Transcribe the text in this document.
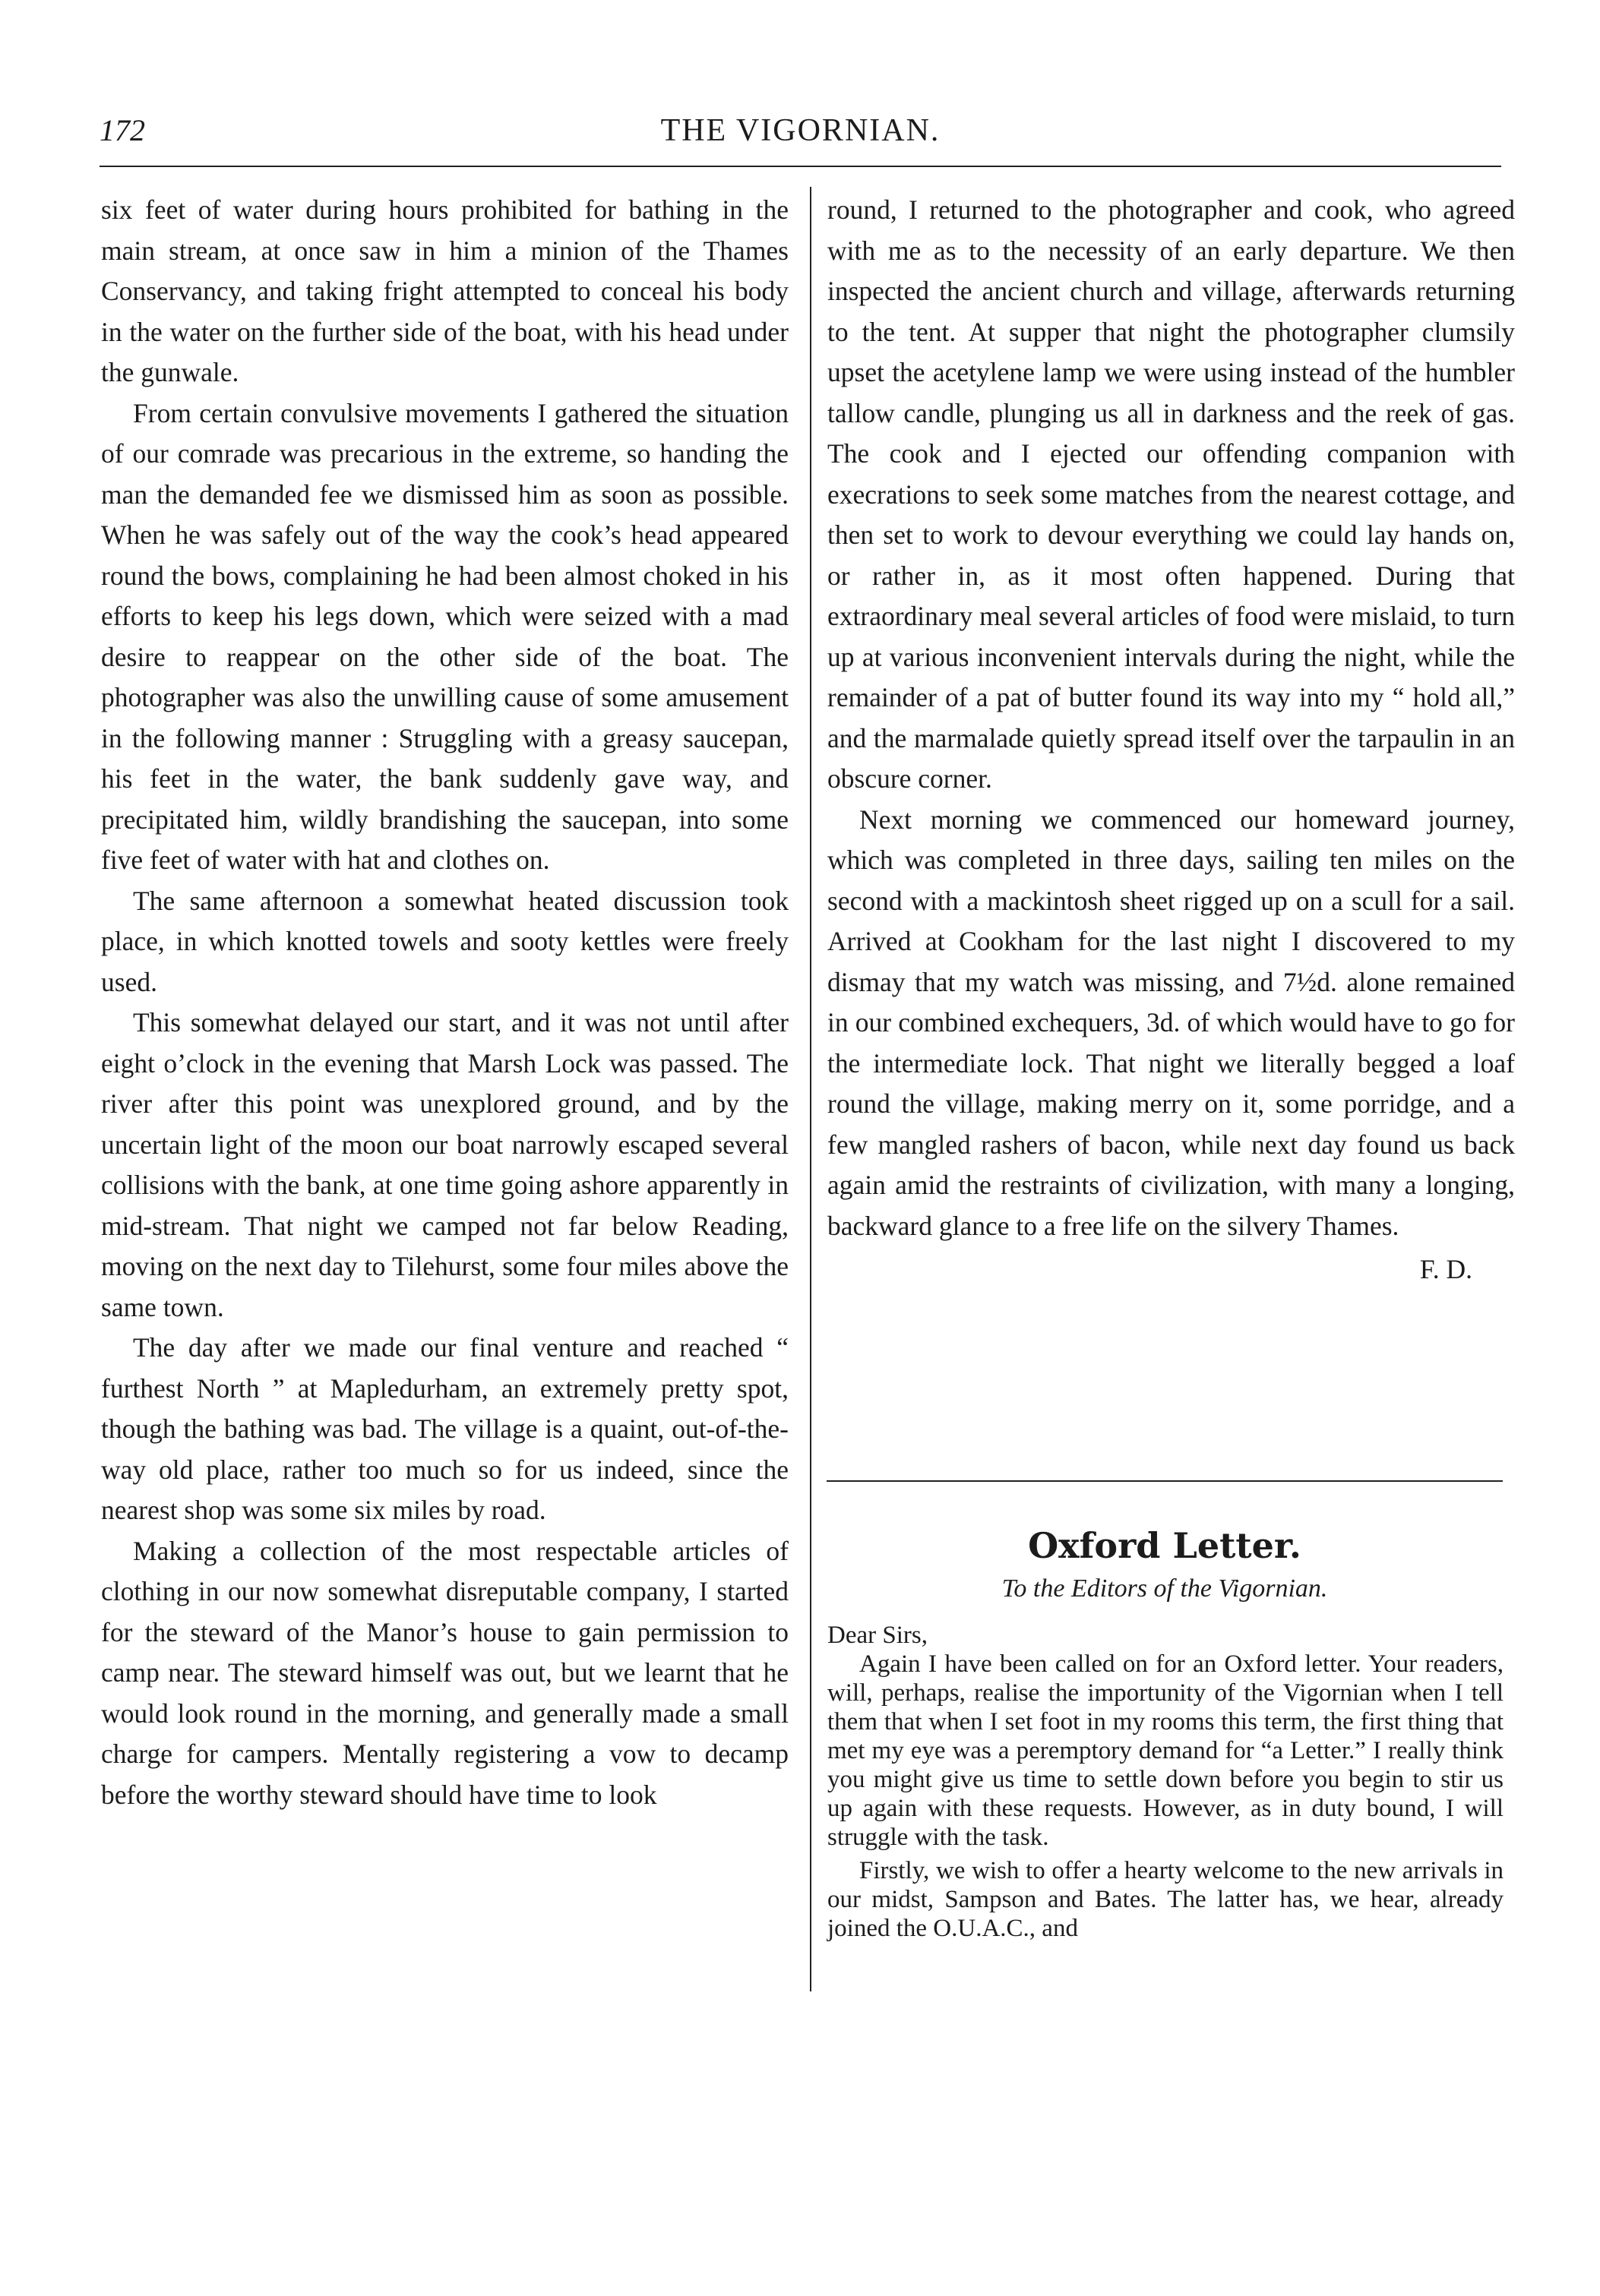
172	THE VIGORNIAN.

six feet of water during hours prohibited for bathing in the main stream, at once saw in him a minion of the Thames Conservancy, and taking fright attempted to conceal his body in the water on the further side of the boat, with his head under the gunwale.

From certain convulsive movements I gathered the situation of our comrade was precarious in the extreme, so handing the man the demanded fee we dismissed him as soon as possible. When he was safely out of the way the cook’s head appeared round the bows, complaining he had been almost choked in his efforts to keep his legs down, which were seized with a mad desire to reappear on the other side of the boat. The photographer was also the unwilling cause of some amusement in the following manner : Struggling with a greasy saucepan, his feet in the water, the bank suddenly gave way, and precipitated him, wildly brandishing the saucepan, into some five feet of water with hat and clothes on.

The same afternoon a somewhat heated discussion took place, in which knotted towels and sooty kettles were freely used.

This somewhat delayed our start, and it was not until after eight o’clock in the evening that Marsh Lock was passed. The river after this point was unexplored ground, and by the uncertain light of the moon our boat narrowly escaped several collisions with the bank, at one time going ashore apparently in mid-stream. That night we camped not far below Reading, moving on the next day to Tilehurst, some four miles above the same town.

The day after we made our final venture and reached “ furthest North ” at Mapledurham, an extremely pretty spot, though the bathing was bad. The village is a quaint, out-of-the-way old place, rather too much so for us indeed, since the nearest shop was some six miles by road.

Making a collection of the most respectable articles of clothing in our now somewhat disreputable company, I started for the steward of the Manor’s house to gain permission to camp near. The steward himself was out, but we learnt that he would look round in the morning, and generally made a small charge for campers. Mentally registering a vow to decamp before the worthy steward should have time to look

round, I returned to the photographer and cook, who agreed with me as to the necessity of an early departure. We then inspected the ancient church and village, afterwards returning to the tent. At supper that night the photographer clumsily upset the acetylene lamp we were using instead of the humbler tallow candle, plunging us all in darkness and the reek of gas. The cook and I ejected our offending companion with execrations to seek some matches from the nearest cottage, and then set to work to devour everything we could lay hands on, or rather in, as it most often happened. During that extraordinary meal several articles of food were mislaid, to turn up at various inconvenient intervals during the night, while the remainder of a pat of butter found its way into my “ hold all,” and the marmalade quietly spread itself over the tarpaulin in an obscure corner.

Next morning we commenced our homeward journey, which was completed in three days, sailing ten miles on the second with a mackintosh sheet rigged up on a scull for a sail. Arrived at Cookham for the last night I discovered to my dismay that my watch was missing, and 7½d. alone remained in our combined exchequers, 3d. of which would have to go for the intermediate lock. That night we literally begged a loaf round the village, making merry on it, some porridge, and a few mangled rashers of bacon, while next day found us back again amid the restraints of civilization, with many a longing, backward glance to a free life on the silvery Thames.

F. D.
Oxford Letter.
To the Editors of the Vigornian.

Dear Sirs,

Again I have been called on for an Oxford letter. Your readers, will, perhaps, realise the importunity of the Vigornian when I tell them that when I set foot in my rooms this term, the first thing that met my eye was a peremptory demand for “a Letter.” I really think you might give us time to settle down before you begin to stir us up again with these requests. However, as in duty bound, I will struggle with the task.

Firstly, we wish to offer a hearty welcome to the new arrivals in our midst, Sampson and Bates. The latter has, we hear, already joined the O.U.A.C., and
